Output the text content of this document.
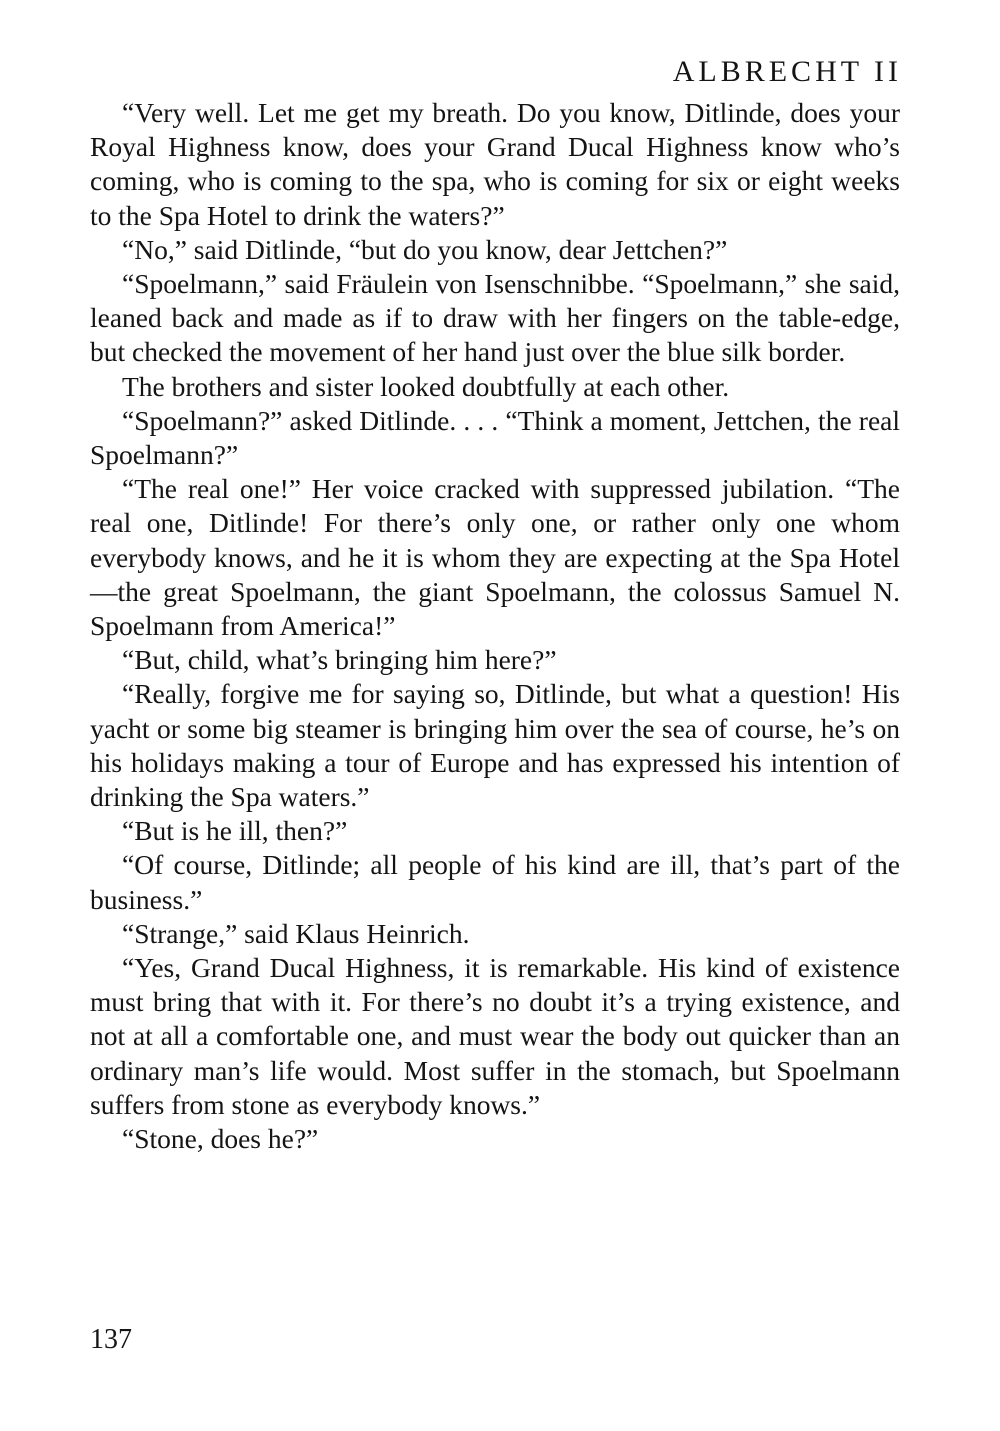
ALBRECHT II

“Very well. Let me get my breath. Do you know, Ditlinde, does your Royal Highness know, does your Grand Ducal Highness know who’s coming, who is coming to the spa, who is coming for six or eight weeks to the Spa Hotel to drink the waters?”

“No,” said Ditlinde, “but do you know, dear Jettchen?”

“Spoelmann,” said Fräulein von Isenschnibbe. “Spoelmann,” she said, leaned back and made as if to draw with her fingers on the table-edge, but checked the movement of her hand just over the blue silk border.

The brothers and sister looked doubtfully at each other.

“Spoelmann?” asked Ditlinde. . . . “Think a moment, Jettchen, the real Spoelmann?”

“The real one!” Her voice cracked with suppressed jubilation. “The real one, Ditlinde! For there’s only one, or rather only one whom everybody knows, and he it is whom they are expecting at the Spa Hotel—the great Spoelmann, the giant Spoelmann, the colossus Samuel N. Spoelmann from America!”

“But, child, what’s bringing him here?”

“Really, forgive me for saying so, Ditlinde, but what a question! His yacht or some big steamer is bringing him over the sea of course, he’s on his holidays making a tour of Europe and has expressed his intention of drinking the Spa waters.”

“But is he ill, then?”

“Of course, Ditlinde; all people of his kind are ill, that’s part of the business.”

“Strange,” said Klaus Heinrich.

“Yes, Grand Ducal Highness, it is remarkable. His kind of existence must bring that with it. For there’s no doubt it’s a trying existence, and not at all a comfortable one, and must wear the body out quicker than an ordinary man’s life would. Most suffer in the stomach, but Spoelmann suffers from stone as everybody knows.”

“Stone, does he?”

137
